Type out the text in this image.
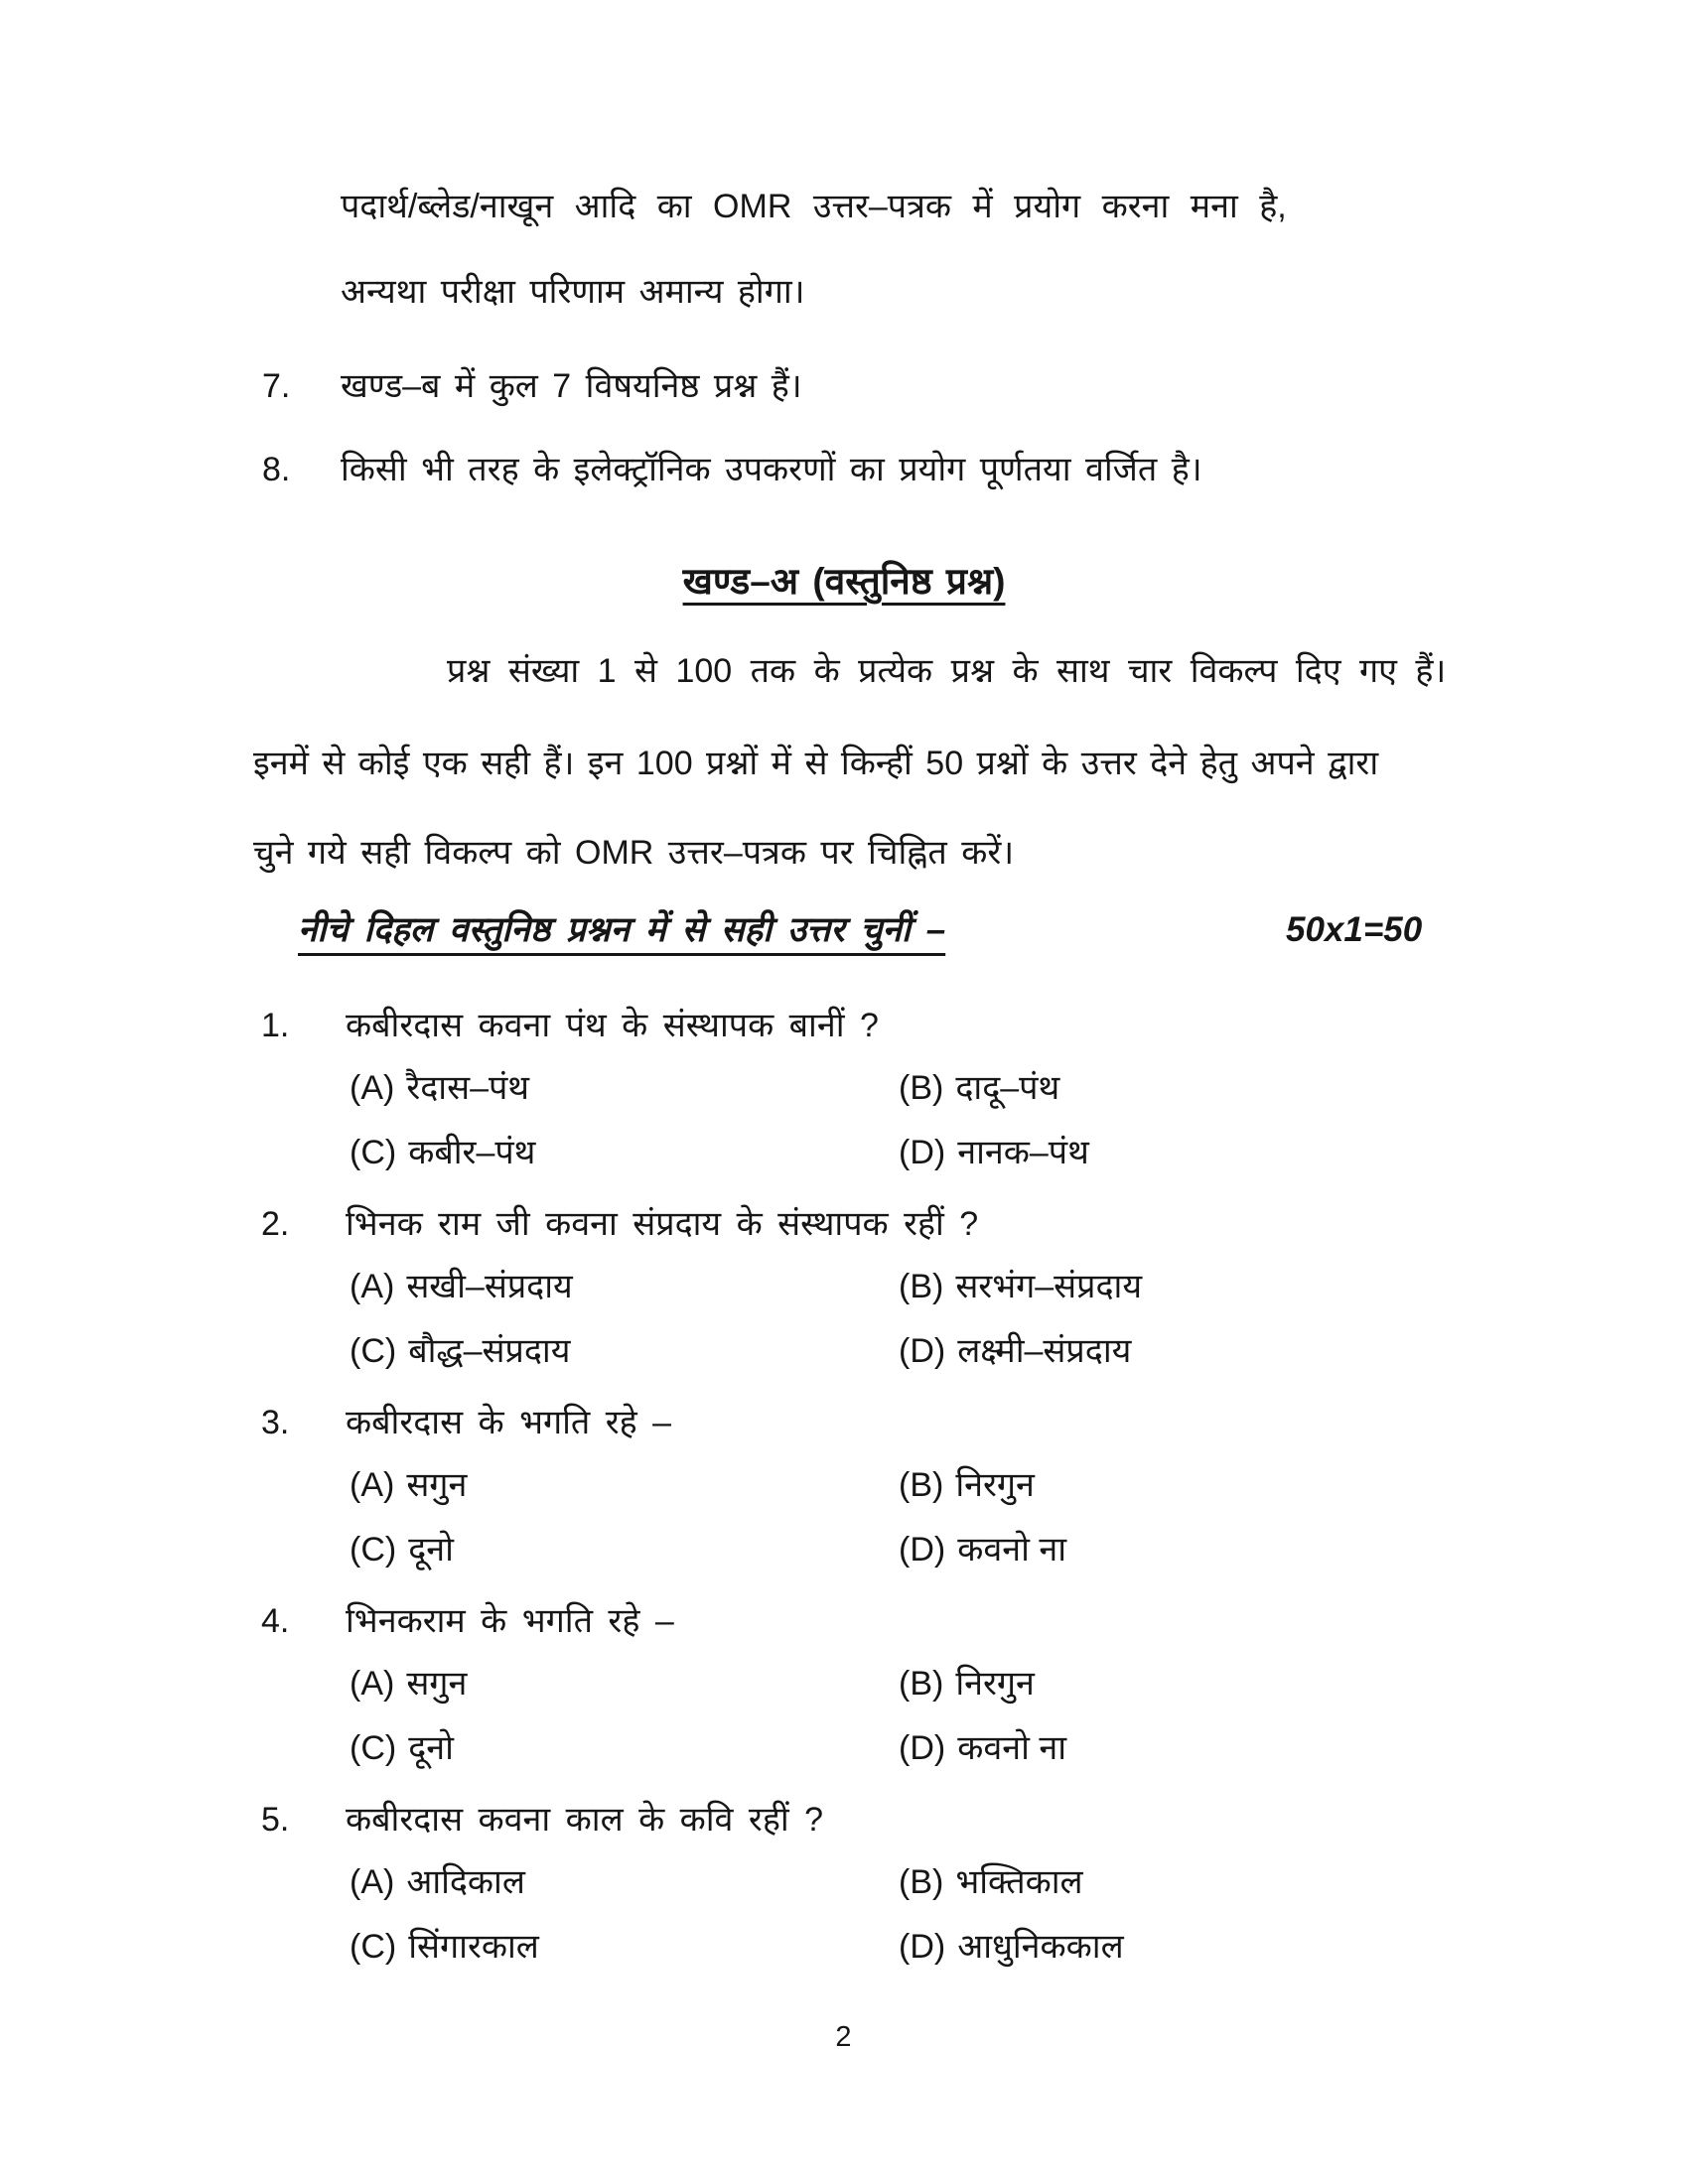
पदार्थ/ब्लेड/नाखून आदि का OMR उत्तर–पत्रक में प्रयोग करना मना है,
अन्यथा परीक्षा परिणाम अमान्य होगा।
7. खण्ड–ब में कुल 7 विषयनिष्ठ प्रश्न हैं।
8. किसी भी तरह के इलेक्ट्रॉनिक उपकरणों का प्रयोग पूर्णतया वर्जित है।
खण्ड–अ (वस्तुनिष्ठ प्रश्न)
प्रश्न संख्या 1 से 100 तक के प्रत्येक प्रश्न के साथ चार विकल्प दिए गए हैं।
इनमें से कोई एक सही हैं। इन 100 प्रश्नों में से किन्हीं 50 प्रश्नों के उत्तर देने हेतु अपने द्वारा
चुने गये सही विकल्प को OMR उत्तर–पत्रक पर चिह्नित करें।
नीचे दिहल वस्तुनिष्ठ प्रश्नन में से सही उत्तर चुनीं –	50x1=50
1. कबीरदास कवना पंथ के संस्थापक बानीं ?
(A) रैदास–पंथ	(B) दादू–पंथ
(C) कबीर–पंथ	(D) नानक–पंथ
2. भिनक राम जी कवना संप्रदाय के संस्थापक रहीं ?
(A) सखी–संप्रदाय	(B) सरभंग–संप्रदाय
(C) बौद्ध–संप्रदाय	(D) लक्ष्मी–संप्रदाय
3. कबीरदास के भगति रहे –
(A) सगुन	(B) निरगुन
(C) दूनो	(D) कवनो ना
4. भिनकराम के भगति रहे –
(A) सगुन	(B) निरगुन
(C) दूनो	(D) कवनो ना
5. कबीरदास कवना काल के कवि रहीं ?
(A) आदिकाल	(B) भक्तिकाल
(C) सिंगारकाल	(D) आधुनिककाल
2
